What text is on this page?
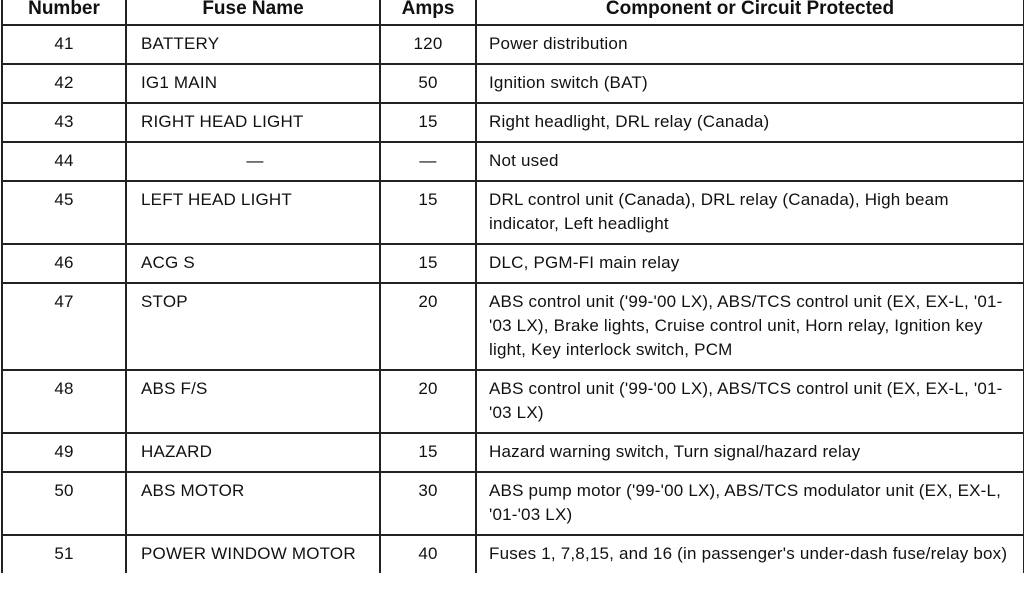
Number	Fuse Name	Amps	Component or Circuit Protected
41	BATTERY	120	Power distribution
42	IG1 MAIN	50	Ignition switch (BAT)
43	RIGHT HEAD LIGHT	15	Right headlight, DRL relay (Canada)
44	—	—	Not used
45	LEFT HEAD LIGHT	15	DRL control unit (Canada), DRL relay (Canada), High beam indicator, Left headlight
46	ACG S	15	DLC, PGM-FI main relay
47	STOP	20	ABS control unit ('99-'00 LX), ABS/TCS control unit (EX, EX-L, '01-'03 LX), Brake lights, Cruise control unit, Horn relay, Ignition key light, Key interlock switch, PCM
48	ABS F/S	20	ABS control unit ('99-'00 LX), ABS/TCS control unit (EX, EX-L, '01-'03 LX)
49	HAZARD	15	Hazard warning switch, Turn signal/hazard relay
50	ABS MOTOR	30	ABS pump motor ('99-'00 LX), ABS/TCS modulator unit (EX, EX-L, '01-'03 LX)
51	POWER WINDOW MOTOR	40	Fuses 1, 7,8,15, and 16 (in passenger's under-dash fuse/relay box)
